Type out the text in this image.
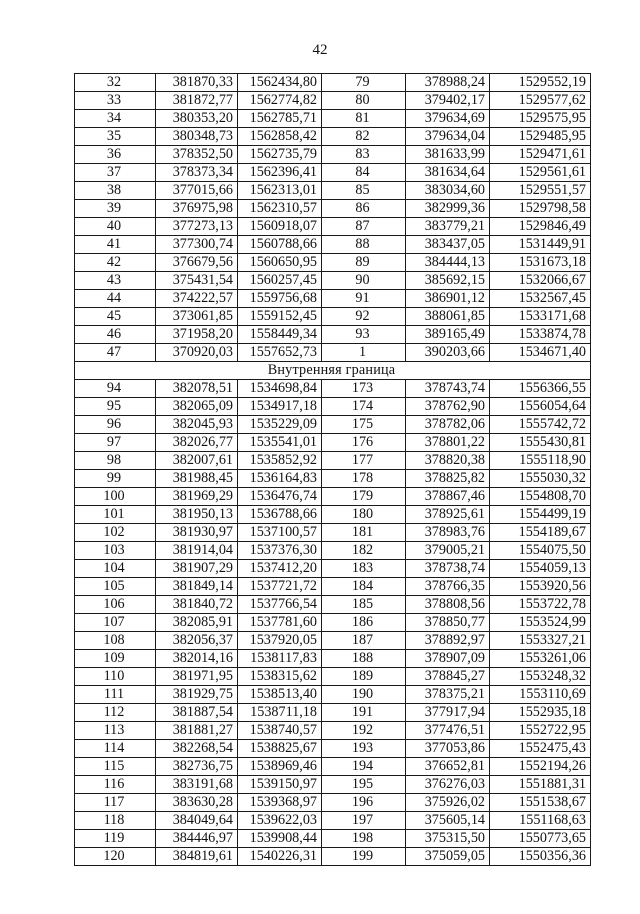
42
32	381870,33	1562434,80	79	378988,24	1529552,19
33	381872,77	1562774,82	80	379402,17	1529577,62
34	380353,20	1562785,71	81	379634,69	1529575,95
35	380348,73	1562858,42	82	379634,04	1529485,95
36	378352,50	1562735,79	83	381633,99	1529471,61
37	378373,34	1562396,41	84	381634,64	1529561,61
38	377015,66	1562313,01	85	383034,60	1529551,57
39	376975,98	1562310,57	86	382999,36	1529798,58
40	377273,13	1560918,07	87	383779,21	1529846,49
41	377300,74	1560788,66	88	383437,05	1531449,91
42	376679,56	1560650,95	89	384444,13	1531673,18
43	375431,54	1560257,45	90	385692,15	1532066,67
44	374222,57	1559756,68	91	386901,12	1532567,45
45	373061,85	1559152,45	92	388061,85	1533171,68
46	371958,20	1558449,34	93	389165,49	1533874,78
47	370920,03	1557652,73	1	390203,66	1534671,40
Внутренняя граница					
94	382078,51	1534698,84	173	378743,74	1556366,55
95	382065,09	1534917,18	174	378762,90	1556054,64
96	382045,93	1535229,09	175	378782,06	1555742,72
97	382026,77	1535541,01	176	378801,22	1555430,81
98	382007,61	1535852,92	177	378820,38	1555118,90
99	381988,45	1536164,83	178	378825,82	1555030,32
100	381969,29	1536476,74	179	378867,46	1554808,70
101	381950,13	1536788,66	180	378925,61	1554499,19
102	381930,97	1537100,57	181	378983,76	1554189,67
103	381914,04	1537376,30	182	379005,21	1554075,50
104	381907,29	1537412,20	183	378738,74	1554059,13
105	381849,14	1537721,72	184	378766,35	1553920,56
106	381840,72	1537766,54	185	378808,56	1553722,78
107	382085,91	1537781,60	186	378850,77	1553524,99
108	382056,37	1537920,05	187	378892,97	1553327,21
109	382014,16	1538117,83	188	378907,09	1553261,06
110	381971,95	1538315,62	189	378845,27	1553248,32
111	381929,75	1538513,40	190	378375,21	1553110,69
112	381887,54	1538711,18	191	377917,94	1552935,18
113	381881,27	1538740,57	192	377476,51	1552722,95
114	382268,54	1538825,67	193	377053,86	1552475,43
115	382736,75	1538969,46	194	376652,81	1552194,26
116	383191,68	1539150,97	195	376276,03	1551881,31
117	383630,28	1539368,97	196	375926,02	1551538,67
118	384049,64	1539622,03	197	375605,14	1551168,63
119	384446,97	1539908,44	198	375315,50	1550773,65
120	384819,61	1540226,31	199	375059,05	1550356,36
